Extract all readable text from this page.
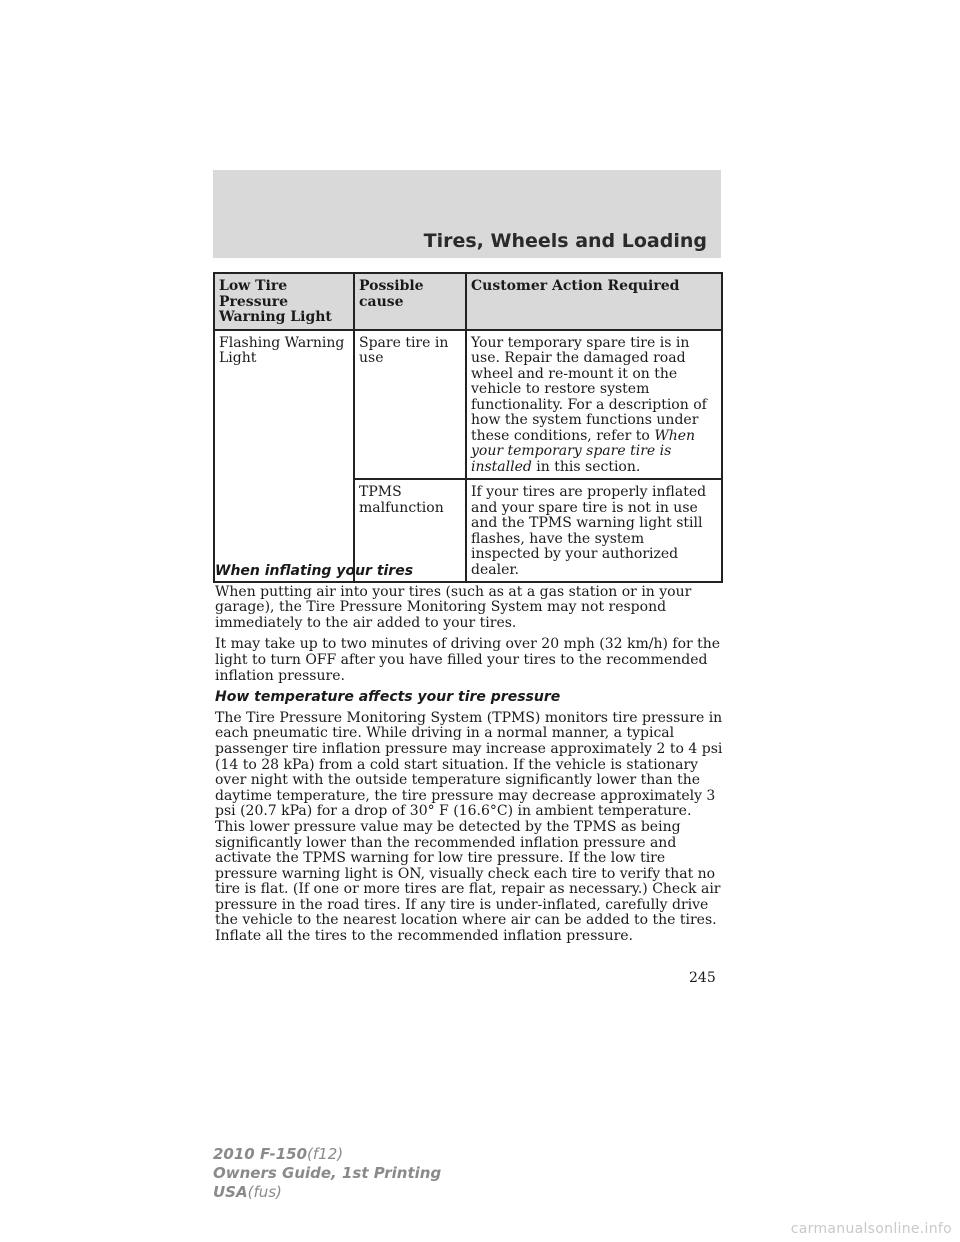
Tires, Wheels and Loading
Low Tire Pressure Warning Light	Possible cause	Customer Action Required
Flashing Warning Light	Spare tire in use	Your temporary spare tire is in use. Repair the damaged road wheel and re-mount it on the vehicle to restore system functionality. For a description of how the system functions under these conditions, refer to When your temporary spare tire is installed in this section.
	TPMS malfunction	If your tires are properly inflated and your spare tire is not in use and the TPMS warning light still flashes, have the system inspected by your authorized dealer.
When inflating your tires

When putting air into your tires (such as at a gas station or in your garage), the Tire Pressure Monitoring System may not respond immediately to the air added to your tires.

It may take up to two minutes of driving over 20 mph (32 km/h) for the light to turn OFF after you have filled your tires to the recommended inflation pressure.

How temperature affects your tire pressure

The Tire Pressure Monitoring System (TPMS) monitors tire pressure in each pneumatic tire. While driving in a normal manner, a typical passenger tire inflation pressure may increase approximately 2 to 4 psi (14 to 28 kPa) from a cold start situation. If the vehicle is stationary over night with the outside temperature significantly lower than the daytime temperature, the tire pressure may decrease approximately 3 psi (20.7 kPa) for a drop of 30° F (16.6°C) in ambient temperature. This lower pressure value may be detected by the TPMS as being significantly lower than the recommended inflation pressure and activate the TPMS warning for low tire pressure. If the low tire pressure warning light is ON, visually check each tire to verify that no tire is flat. (If one or more tires are flat, repair as necessary.) Check air pressure in the road tires. If any tire is under-inflated, carefully drive the vehicle to the nearest location where air can be added to the tires. Inflate all the tires to the recommended inflation pressure.

245
2010 F-150(f12)
Owners Guide, 1st Printing
USA(fus)
carmanualsonline.info
